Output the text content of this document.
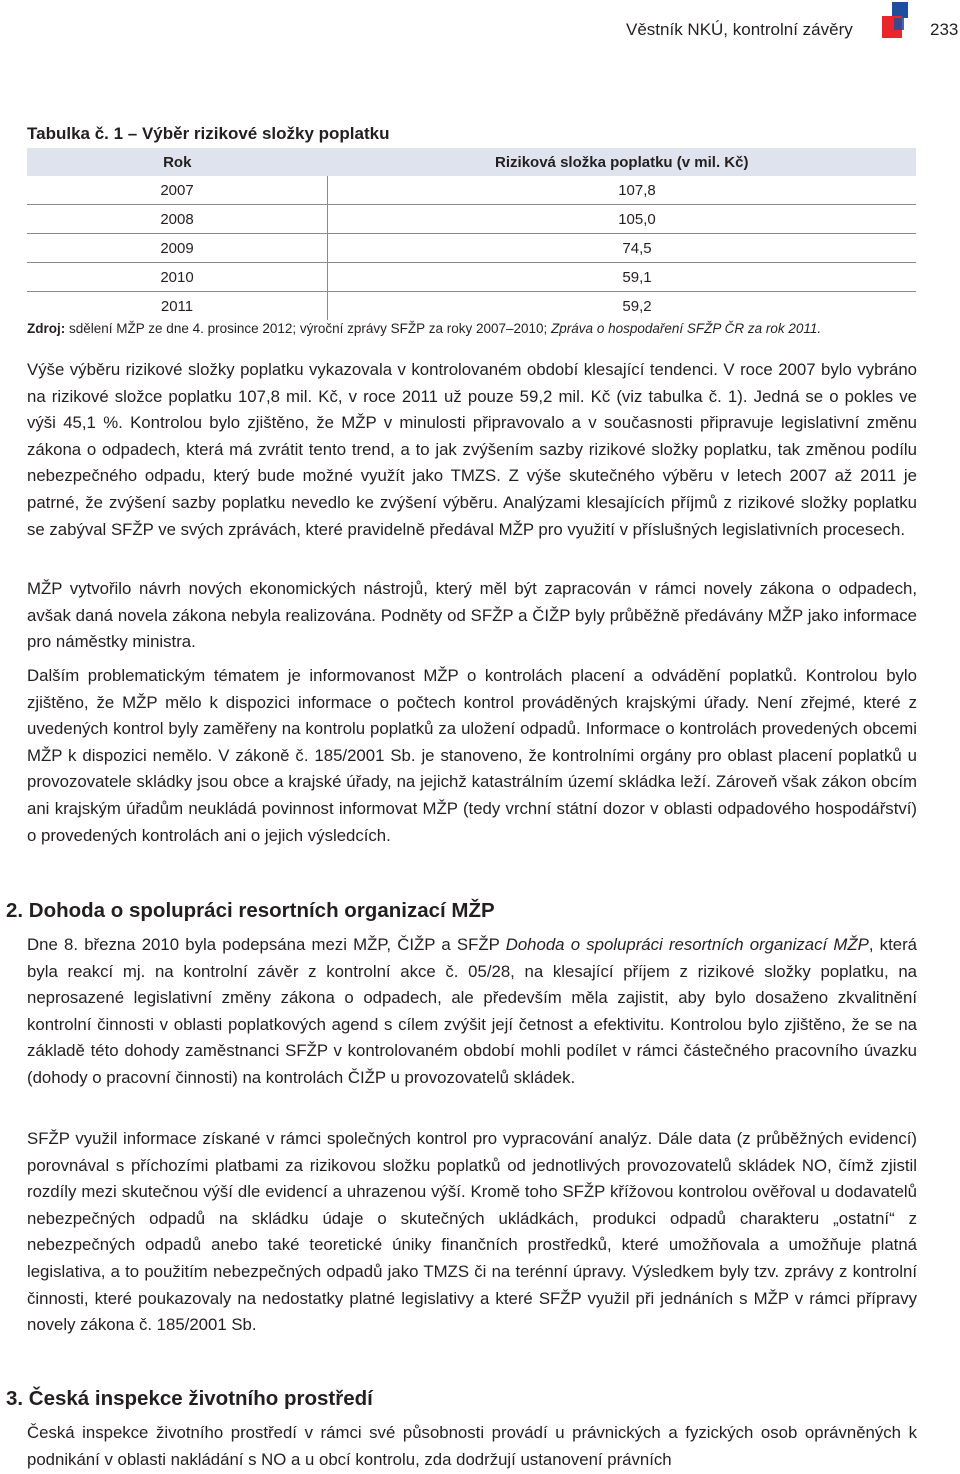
Věstník NKÚ, kontrolní závěry	233
Tabulka č. 1 – Výběr rizikové složky poplatku
Rok	Riziková složka poplatku (v mil. Kč)
2007	107,8
2008	105,0
2009	74,5
2010	59,1
2011	59,2
Zdroj: sdělení MŽP ze dne 4. prosince 2012; výroční zprávy SFŽP za roky 2007–2010; Zpráva o hospodaření SFŽP ČR za rok 2011.
Výše výběru rizikové složky poplatku vykazovala v kontrolovaném období klesající tendenci. V roce 2007 bylo vybráno na rizikové složce poplatku 107,8 mil. Kč, v roce 2011 už pouze 59,2 mil. Kč (viz tabulka č. 1). Jedná se o pokles ve výši 45,1 %. Kontrolou bylo zjištěno, že MŽP v minulosti připravovalo a v současnosti připravuje legislativní změnu zákona o odpadech, která má zvrátit tento trend, a to jak zvýšením sazby rizikové složky poplatku, tak změnou podílu nebezpečného odpadu, který bude možné využít jako TMZS. Z výše skutečného výběru v letech 2007 až 2011 je patrné, že zvýšení sazby poplatku nevedlo ke zvýšení výběru. Analýzami klesajících příjmů z rizikové složky poplatku se zabýval SFŽP ve svých zprávách, které pravidelně předával MŽP pro využití v příslušných legislativních procesech.
MŽP vytvořilo návrh nových ekonomických nástrojů, který měl být zapracován v rámci novely zákona o odpadech, avšak daná novela zákona nebyla realizována. Podněty od SFŽP a ČIŽP byly průběžně předávány MŽP jako informace pro náměstky ministra.
Dalším problematickým tématem je informovanost MŽP o kontrolách placení a odvádění poplatků. Kontrolou bylo zjištěno, že MŽP mělo k dispozici informace o počtech kontrol prováděných krajskými úřady. Není zřejmé, které z uvedených kontrol byly zaměřeny na kontrolu poplatků za uložení odpadů. Informace o kontrolách provedených obcemi MŽP k dispozici nemělo. V zákoně č. 185/2001 Sb. je stanoveno, že kontrolními orgány pro oblast placení poplatků u provozovatele skládky jsou obce a krajské úřady, na jejichž katastrálním území skládka leží. Zároveň však zákon obcím ani krajským úřadům neukládá povinnost informovat MŽP (tedy vrchní státní dozor v oblasti odpadového hospodářství) o provedených kontrolách ani o jejich výsledcích.
2. Dohoda o spolupráci resortních organizací MŽP
Dne 8. března 2010 byla podepsána mezi MŽP, ČIŽP a SFŽP Dohoda o spolupráci resortních organizací MŽP, která byla reakcí mj. na kontrolní závěr z kontrolní akce č. 05/28, na klesající příjem z rizikové složky poplatku, na neprosazené legislativní změny zákona o odpadech, ale především měla zajistit, aby bylo dosaženo zkvalitnění kontrolní činnosti v oblasti poplatkových agend s cílem zvýšit její četnost a efektivitu. Kontrolou bylo zjištěno, že se na základě této dohody zaměstnanci SFŽP v kontrolovaném období mohli podílet v rámci částečného pracovního úvazku (dohody o pracovní činnosti) na kontrolách ČIŽP u provozovatelů skládek.
SFŽP využil informace získané v rámci společných kontrol pro vypracování analýz. Dále data (z průběžných evidencí) porovnával s příchozími platbami za rizikovou složku poplatků od jednotlivých provozovatelů skládek NO, čímž zjistil rozdíly mezi skutečnou výší dle evidencí a uhrazenou výší. Kromě toho SFŽP křížovou kontrolou ověřoval u dodavatelů nebezpečných odpadů na skládku údaje o skutečných ukládkách, produkci odpadů charakteru „ostatní“ z nebezpečných odpadů anebo také teoretické úniky finančních prostředků, které umožňovala a umožňuje platná legislativa, a to použitím nebezpečných odpadů jako TMZS či na terénní úpravy. Výsledkem byly tzv. zprávy z kontrolní činnosti, které poukazovaly na nedostatky platné legislativy a které SFŽP využil při jednáních s MŽP v rámci přípravy novely zákona č. 185/2001 Sb.
3. Česká inspekce životního prostředí
Česká inspekce životního prostředí v rámci své působnosti provádí u právnických a fyzických osob oprávněných k podnikání v oblasti nakládání s NO a u obcí kontrolu, zda dodržují ustanovení právních
